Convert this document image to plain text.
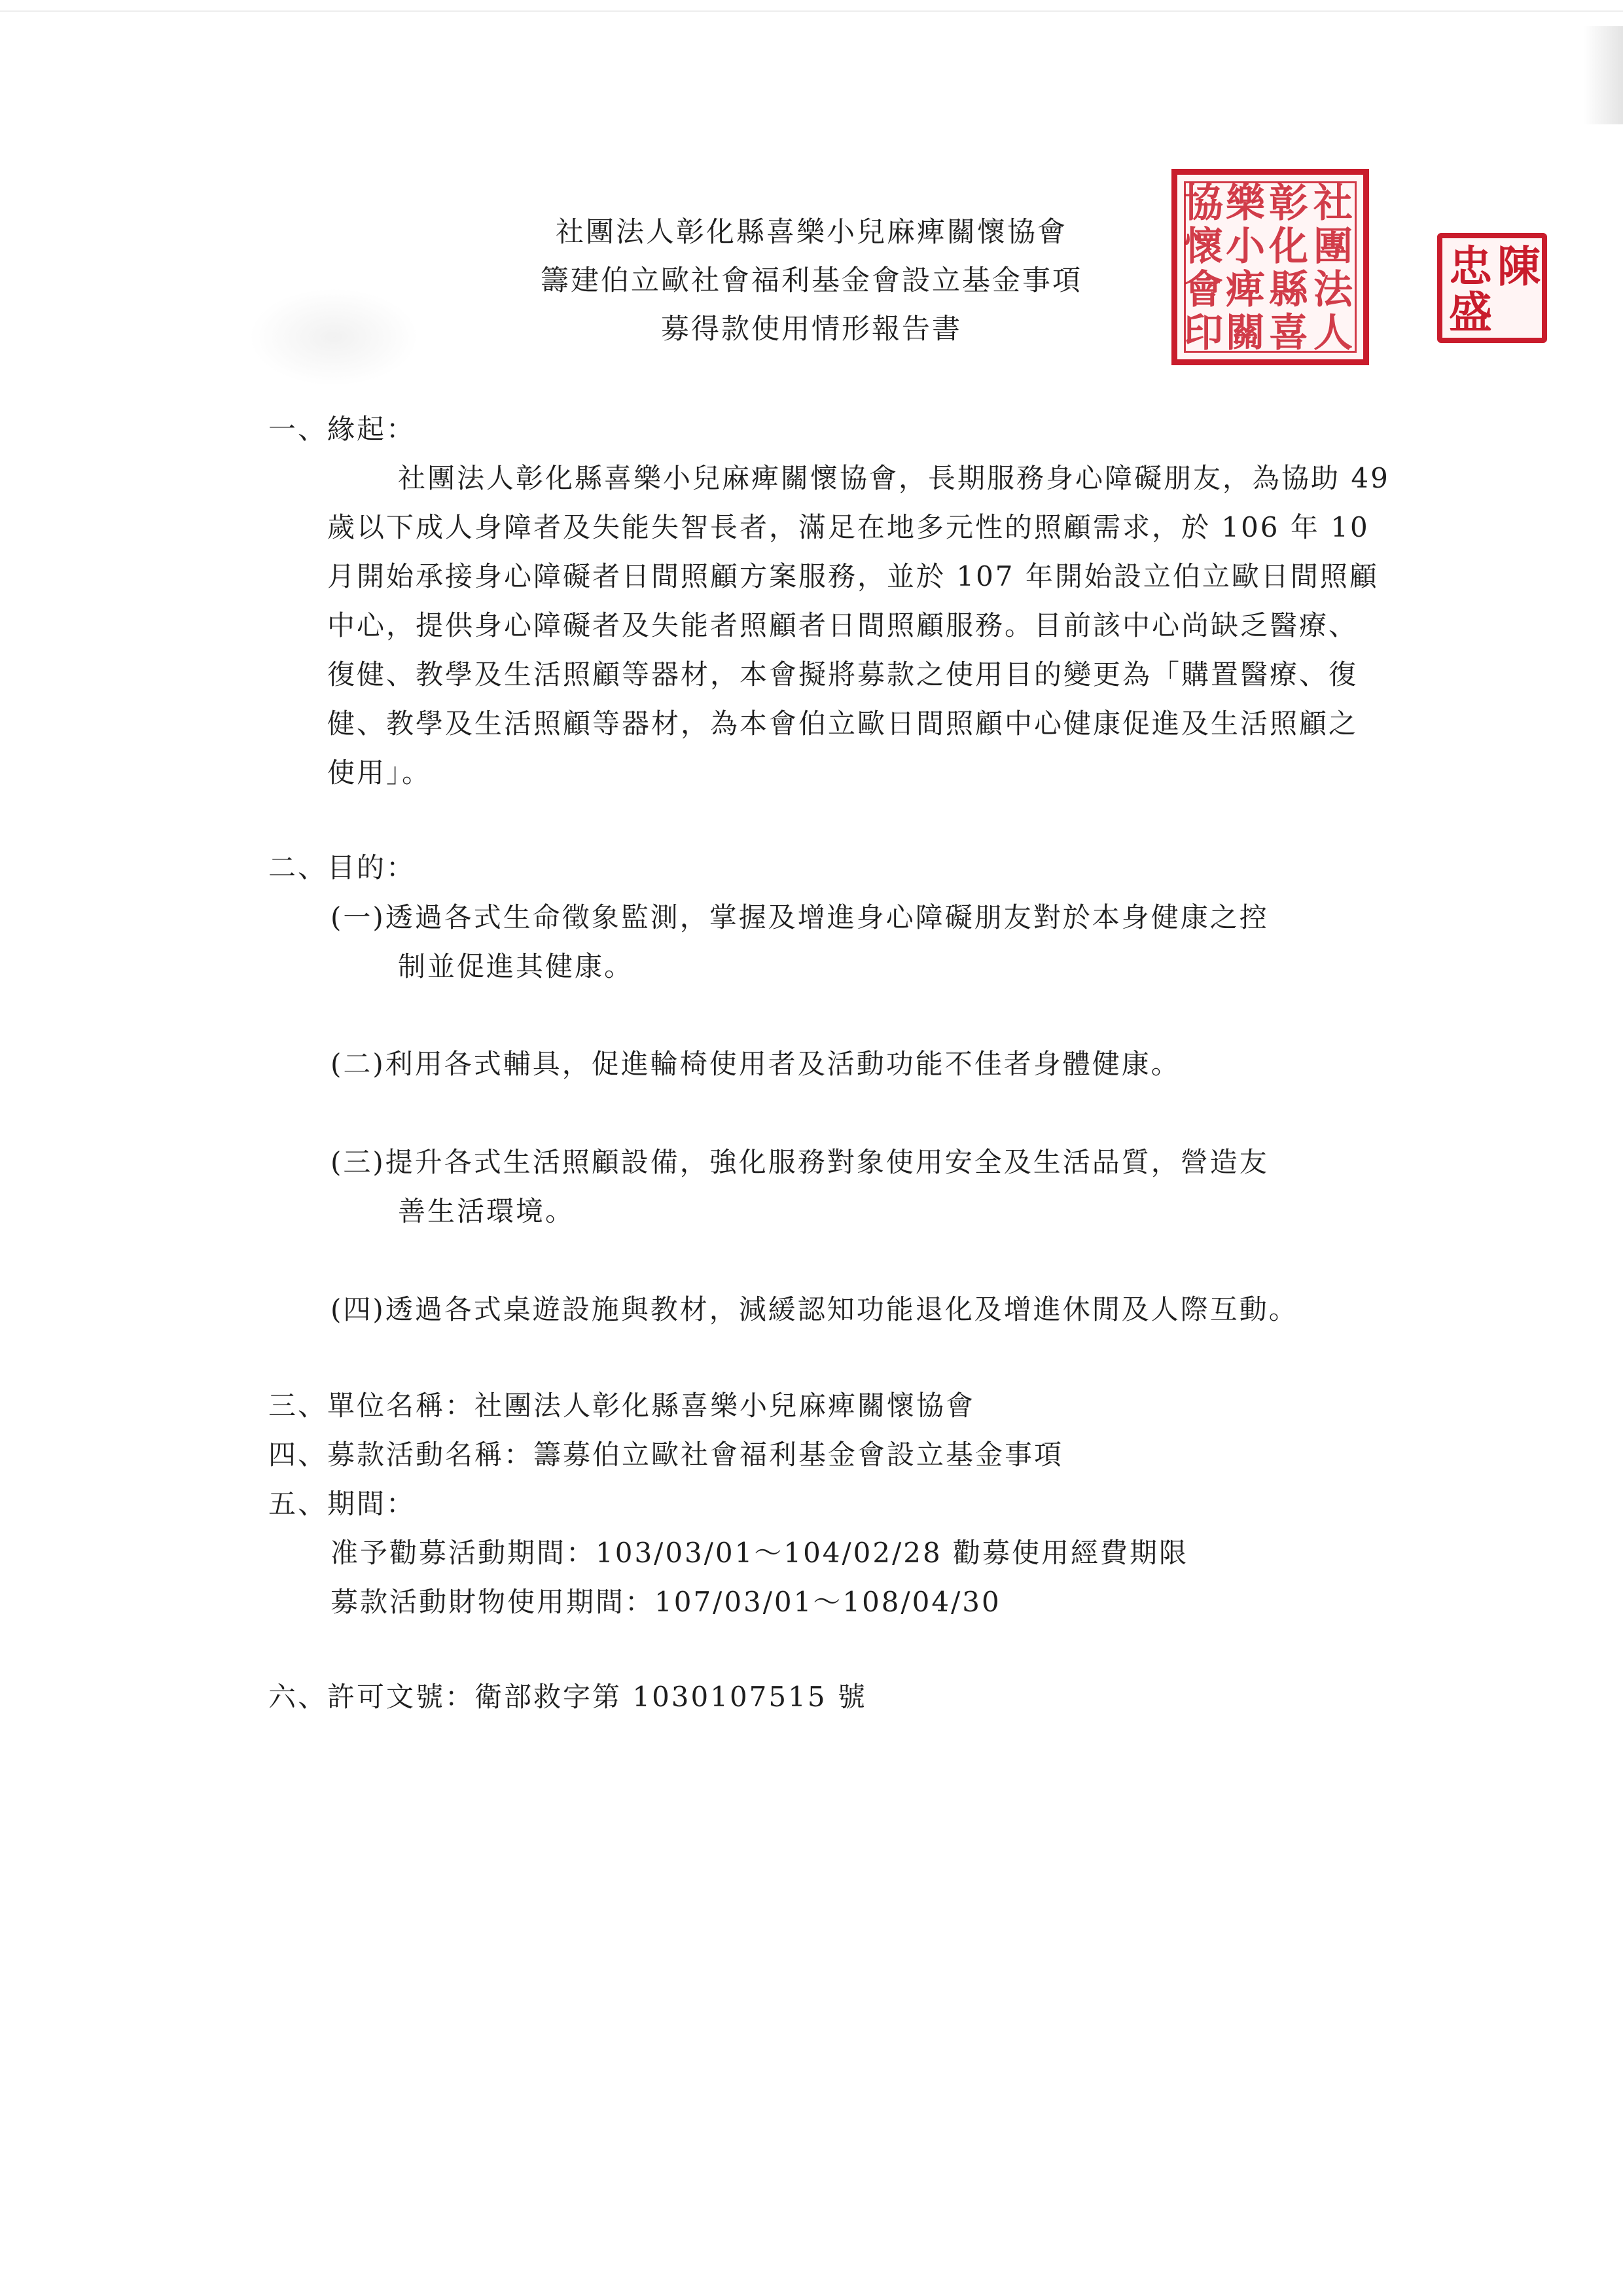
社團法人彰化縣喜樂小兒麻痺關懷協會
籌建伯立歐社會福利基金會設立基金事項
募得款使用情形報告書
社
團
法
人
彰
化
縣
喜
樂
小
痺
關
協
懷
會
印
陳
忠
盛
一、緣起：
社團法人彰化縣喜樂小兒麻痺關懷協會，長期服務身心障礙朋友，為協助 49
歲以下成人身障者及失能失智長者，滿足在地多元性的照顧需求，於 106 年 10
月開始承接身心障礙者日間照顧方案服務，並於 107 年開始設立伯立歐日間照顧
中心，提供身心障礙者及失能者照顧者日間照顧服務。目前該中心尚缺乏醫療、
復健、教學及生活照顧等器材，本會擬將募款之使用目的變更為「購置醫療、復
健、教學及生活照顧等器材，為本會伯立歐日間照顧中心健康促進及生活照顧之
使用」。
二、目的：
(一)透過各式生命徵象監測，掌握及增進身心障礙朋友對於本身健康之控
制並促進其健康。
(二)利用各式輔具，促進輪椅使用者及活動功能不佳者身體健康。
(三)提升各式生活照顧設備，強化服務對象使用安全及生活品質，營造友
善生活環境。
(四)透過各式桌遊設施與教材，減緩認知功能退化及增進休閒及人際互動。
三、單位名稱：社團法人彰化縣喜樂小兒麻痺關懷協會
四、募款活動名稱：籌募伯立歐社會福利基金會設立基金事項
五、期間：
准予勸募活動期間：103/03/01～104/02/28 勸募使用經費期限
募款活動財物使用期間：107/03/01～108/04/30
六、許可文號：衛部救字第 1030107515 號
